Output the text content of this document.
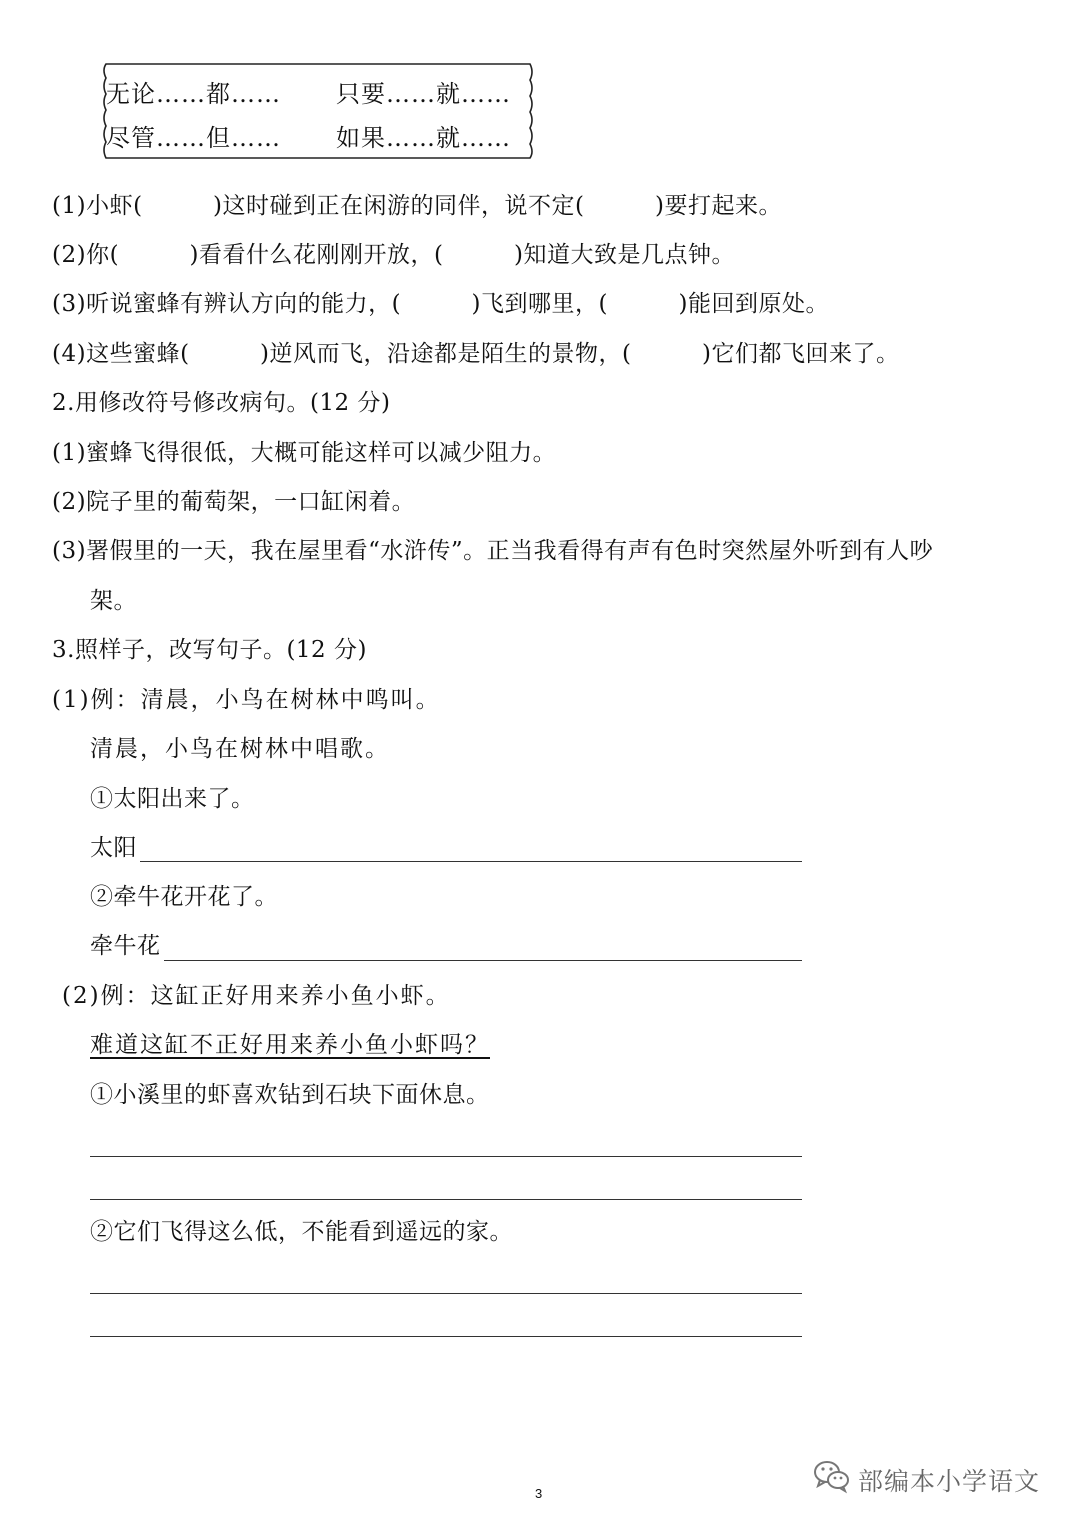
无论……都…… 只要……就……
尽管……但…… 如果……就……
(1)小虾(　　　)这时碰到正在闲游的同伴，说不定(　　　)要打起来。
(2)你(　　　)看看什么花刚刚开放，(　　　)知道大致是几点钟。
(3)听说蜜蜂有辨认方向的能力，(　　　)飞到哪里，(　　　)能回到原处。
(4)这些蜜蜂(　　　)逆风而飞，沿途都是陌生的景物，(　　　)它们都飞回来了。
2.用修改符号修改病句。(12 分)
(1)蜜蜂飞得很低，大概可能这样可以减少阻力。
(2)院子里的葡萄架，一口缸闲着。
(3)署假里的一天，我在屋里看“水浒传”。正当我看得有声有色时突然屋外听到有人吵
架。
3.照样子，改写句子。(12 分)
(1)例：清晨，小鸟在树林中鸣叫。
清晨，小鸟在树林中唱歌。
①太阳出来了。
太阳
②牵牛花开花了。
牵牛花
(2)例：这缸正好用来养小鱼小虾。
难道这缸不正好用来养小鱼小虾吗？
①小溪里的虾喜欢钻到石块下面休息。
②它们飞得这么低，不能看到遥远的家。
3	部编本小学语文
